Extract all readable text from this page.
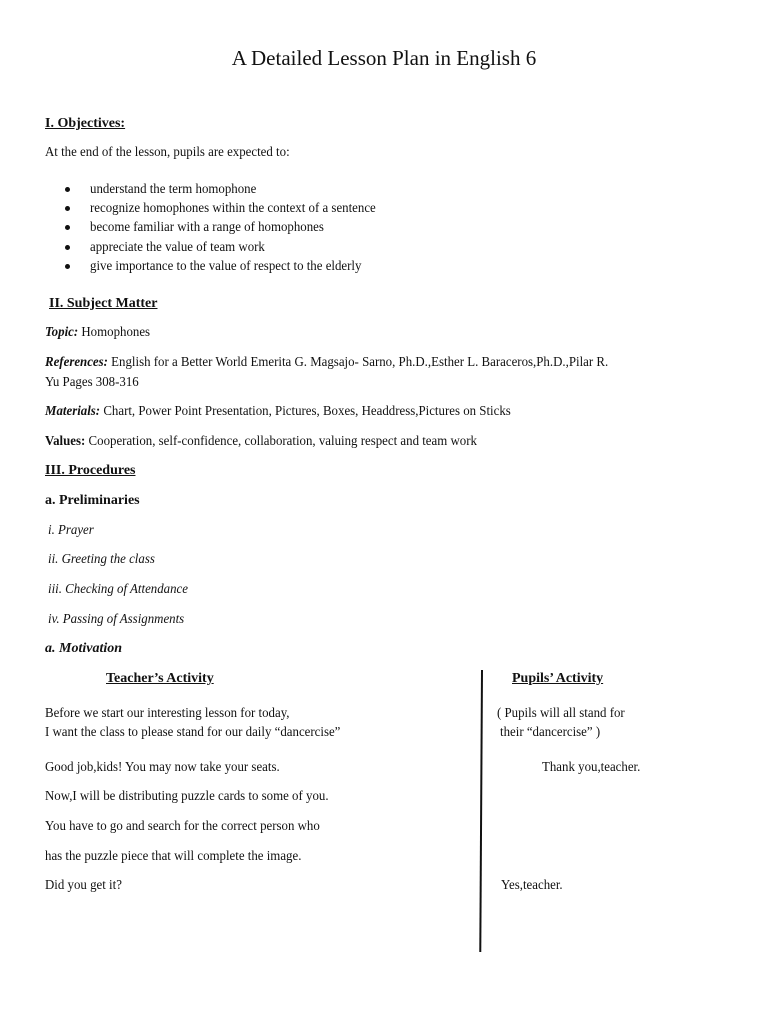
A Detailed Lesson Plan in English 6
I. Objectives:
At the end of the lesson, pupils are expected to:
understand the term homophone
recognize homophones within the context of a sentence
become familiar with a range of homophones
appreciate the value of team work
give importance to the value of respect to the elderly
II. Subject Matter
Topic: Homophones
References: English for a Better World Emerita G. Magsajo- Sarno, Ph.D.,Esther L. Baraceros,Ph.D.,Pilar R.
Yu Pages 308-316
Materials: Chart, Power Point Presentation, Pictures, Boxes, Headdress,Pictures on Sticks
Values: Cooperation, self-confidence, collaboration, valuing respect and team work
III. Procedures
a. Preliminaries
i. Prayer
ii. Greeting the class
iii. Checking of Attendance
iv. Passing of Assignments
a. Motivation
Teacher’s Activity	Pupils’ Activity
Before we start our interesting lesson for today,
I want the class to please stand for our daily “dancercise”
Good job,kids! You may now take your seats.
Now,I will be distributing puzzle cards to some of you.
You have to go and search for the correct person who
has the puzzle piece that will complete the image.
Did you get it?
( Pupils will all stand for
their “dancercise” )
Thank you,teacher.
Yes,teacher.
